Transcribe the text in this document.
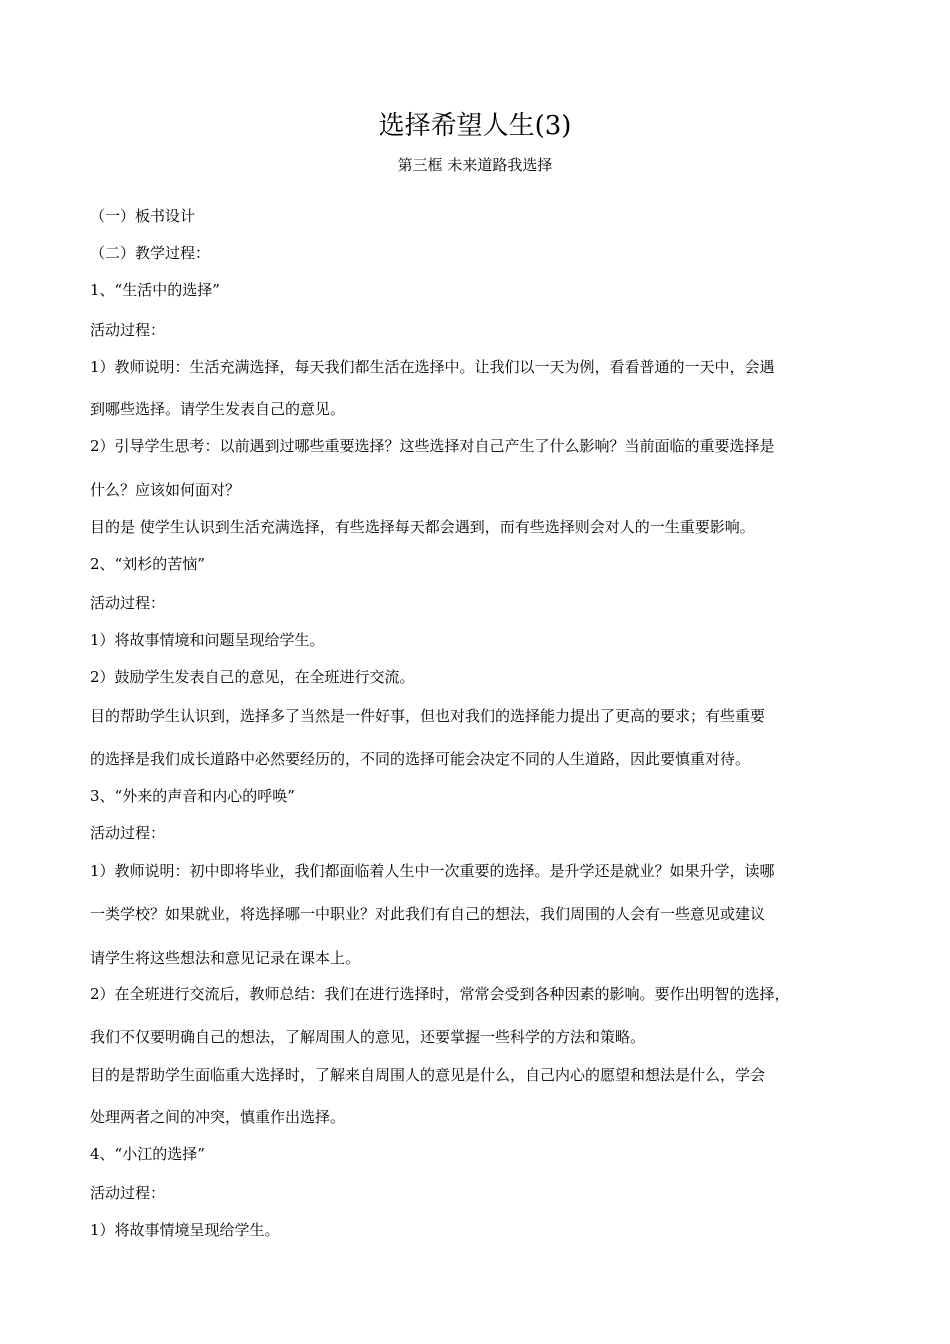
选择希望人生(3)
第三框 未来道路我选择

（一）板书设计

（二）教学过程：

1、“生活中的选择”

活动过程：

1）教师说明：生活充满选择，每天我们都生活在选择中。让我们以一天为例，看看普通的一天中，会遇

到哪些选择。请学生发表自己的意见。

2）引导学生思考：以前遇到过哪些重要选择？这些选择对自己产生了什么影响？当前面临的重要选择是

什么？应该如何面对？

目的是 使学生认识到生活充满选择，有些选择每天都会遇到，而有些选择则会对人的一生重要影响。

2、“刘杉的苦恼”

活动过程：

1）将故事情境和问题呈现给学生。

2）鼓励学生发表自己的意见，在全班进行交流。

目的帮助学生认识到，选择多了当然是一件好事，但也对我们的选择能力提出了更高的要求；有些重要

的选择是我们成长道路中必然要经历的，不同的选择可能会决定不同的人生道路，因此要慎重对待。

3、“外来的声音和内心的呼唤”

活动过程：

1）教师说明：初中即将毕业，我们都面临着人生中一次重要的选择。是升学还是就业？如果升学，读哪

一类学校？如果就业，将选择哪一中职业？对此我们有自己的想法，我们周围的人会有一些意见或建议

请学生将这些想法和意见记录在课本上。

2）在全班进行交流后，教师总结：我们在进行选择时，常常会受到各种因素的影响。要作出明智的选择，

我们不仅要明确自己的想法，了解周围人的意见，还要掌握一些科学的方法和策略。

目的是帮助学生面临重大选择时，了解来自周围人的意见是什么，自己内心的愿望和想法是什么，学会

处理两者之间的冲突，慎重作出选择。

4、“小江的选择”

活动过程：

1）将故事情境呈现给学生。
